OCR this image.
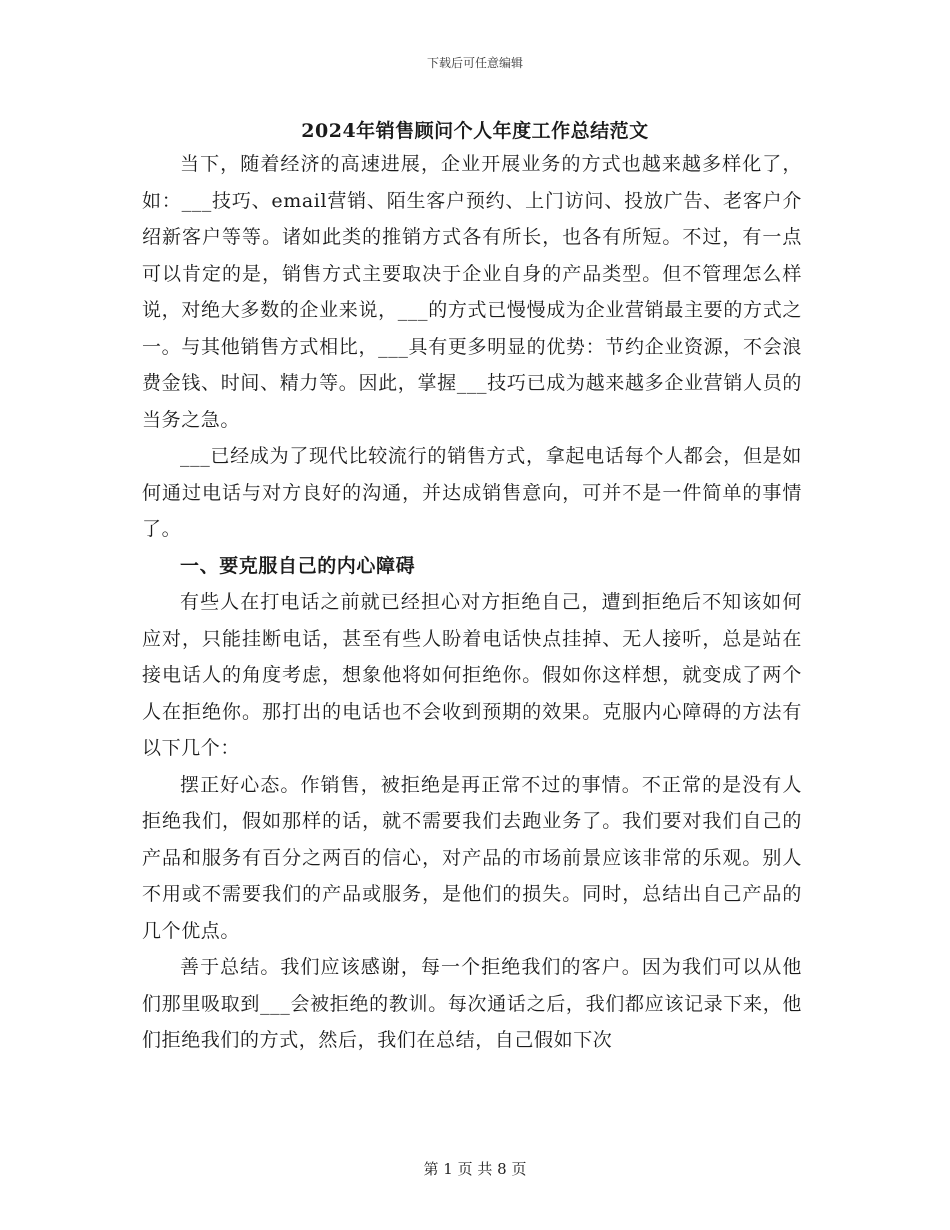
下载后可任意编辑
2024年销售顾问个人年度工作总结范文

当下，随着经济的高速进展，企业开展业务的方式也越来越多样化了，如：___技巧、email营销、陌生客户预约、上门访问、投放广告、老客户介绍新客户等等。诸如此类的推销方式各有所长，也各有所短。不过，有一点可以肯定的是，销售方式主要取决于企业自身的产品类型。但不管理怎么样说，对绝大多数的企业来说，___的方式已慢慢成为企业营销最主要的方式之一。与其他销售方式相比，___具有更多明显的优势：节约企业资源，不会浪费金钱、时间、精力等。因此，掌握___技巧已成为越来越多企业营销人员的当务之急。

___已经成为了现代比较流行的销售方式，拿起电话每个人都会，但是如何通过电话与对方良好的沟通，并达成销售意向，可并不是一件简单的事情了。

一、要克服自己的内心障碍

有些人在打电话之前就已经担心对方拒绝自己，遭到拒绝后不知该如何应对，只能挂断电话，甚至有些人盼着电话快点挂掉、无人接听，总是站在接电话人的角度考虑，想象他将如何拒绝你。假如你这样想，就变成了两个人在拒绝你。那打出的电话也不会收到预期的效果。克服内心障碍的方法有以下几个：

摆正好心态。作销售，被拒绝是再正常不过的事情。不正常的是没有人拒绝我们，假如那样的话，就不需要我们去跑业务了。我们要对我们自己的产品和服务有百分之两百的信心，对产品的市场前景应该非常的乐观。别人不用或不需要我们的产品或服务，是他们的损失。同时，总结出自己产品的几个优点。

善于总结。我们应该感谢，每一个拒绝我们的客户。因为我们可以从他们那里吸取到___会被拒绝的教训。每次通话之后，我们都应该记录下来，他们拒绝我们的方式，然后，我们在总结，自己假如下次

第 1 页 共 8 页
